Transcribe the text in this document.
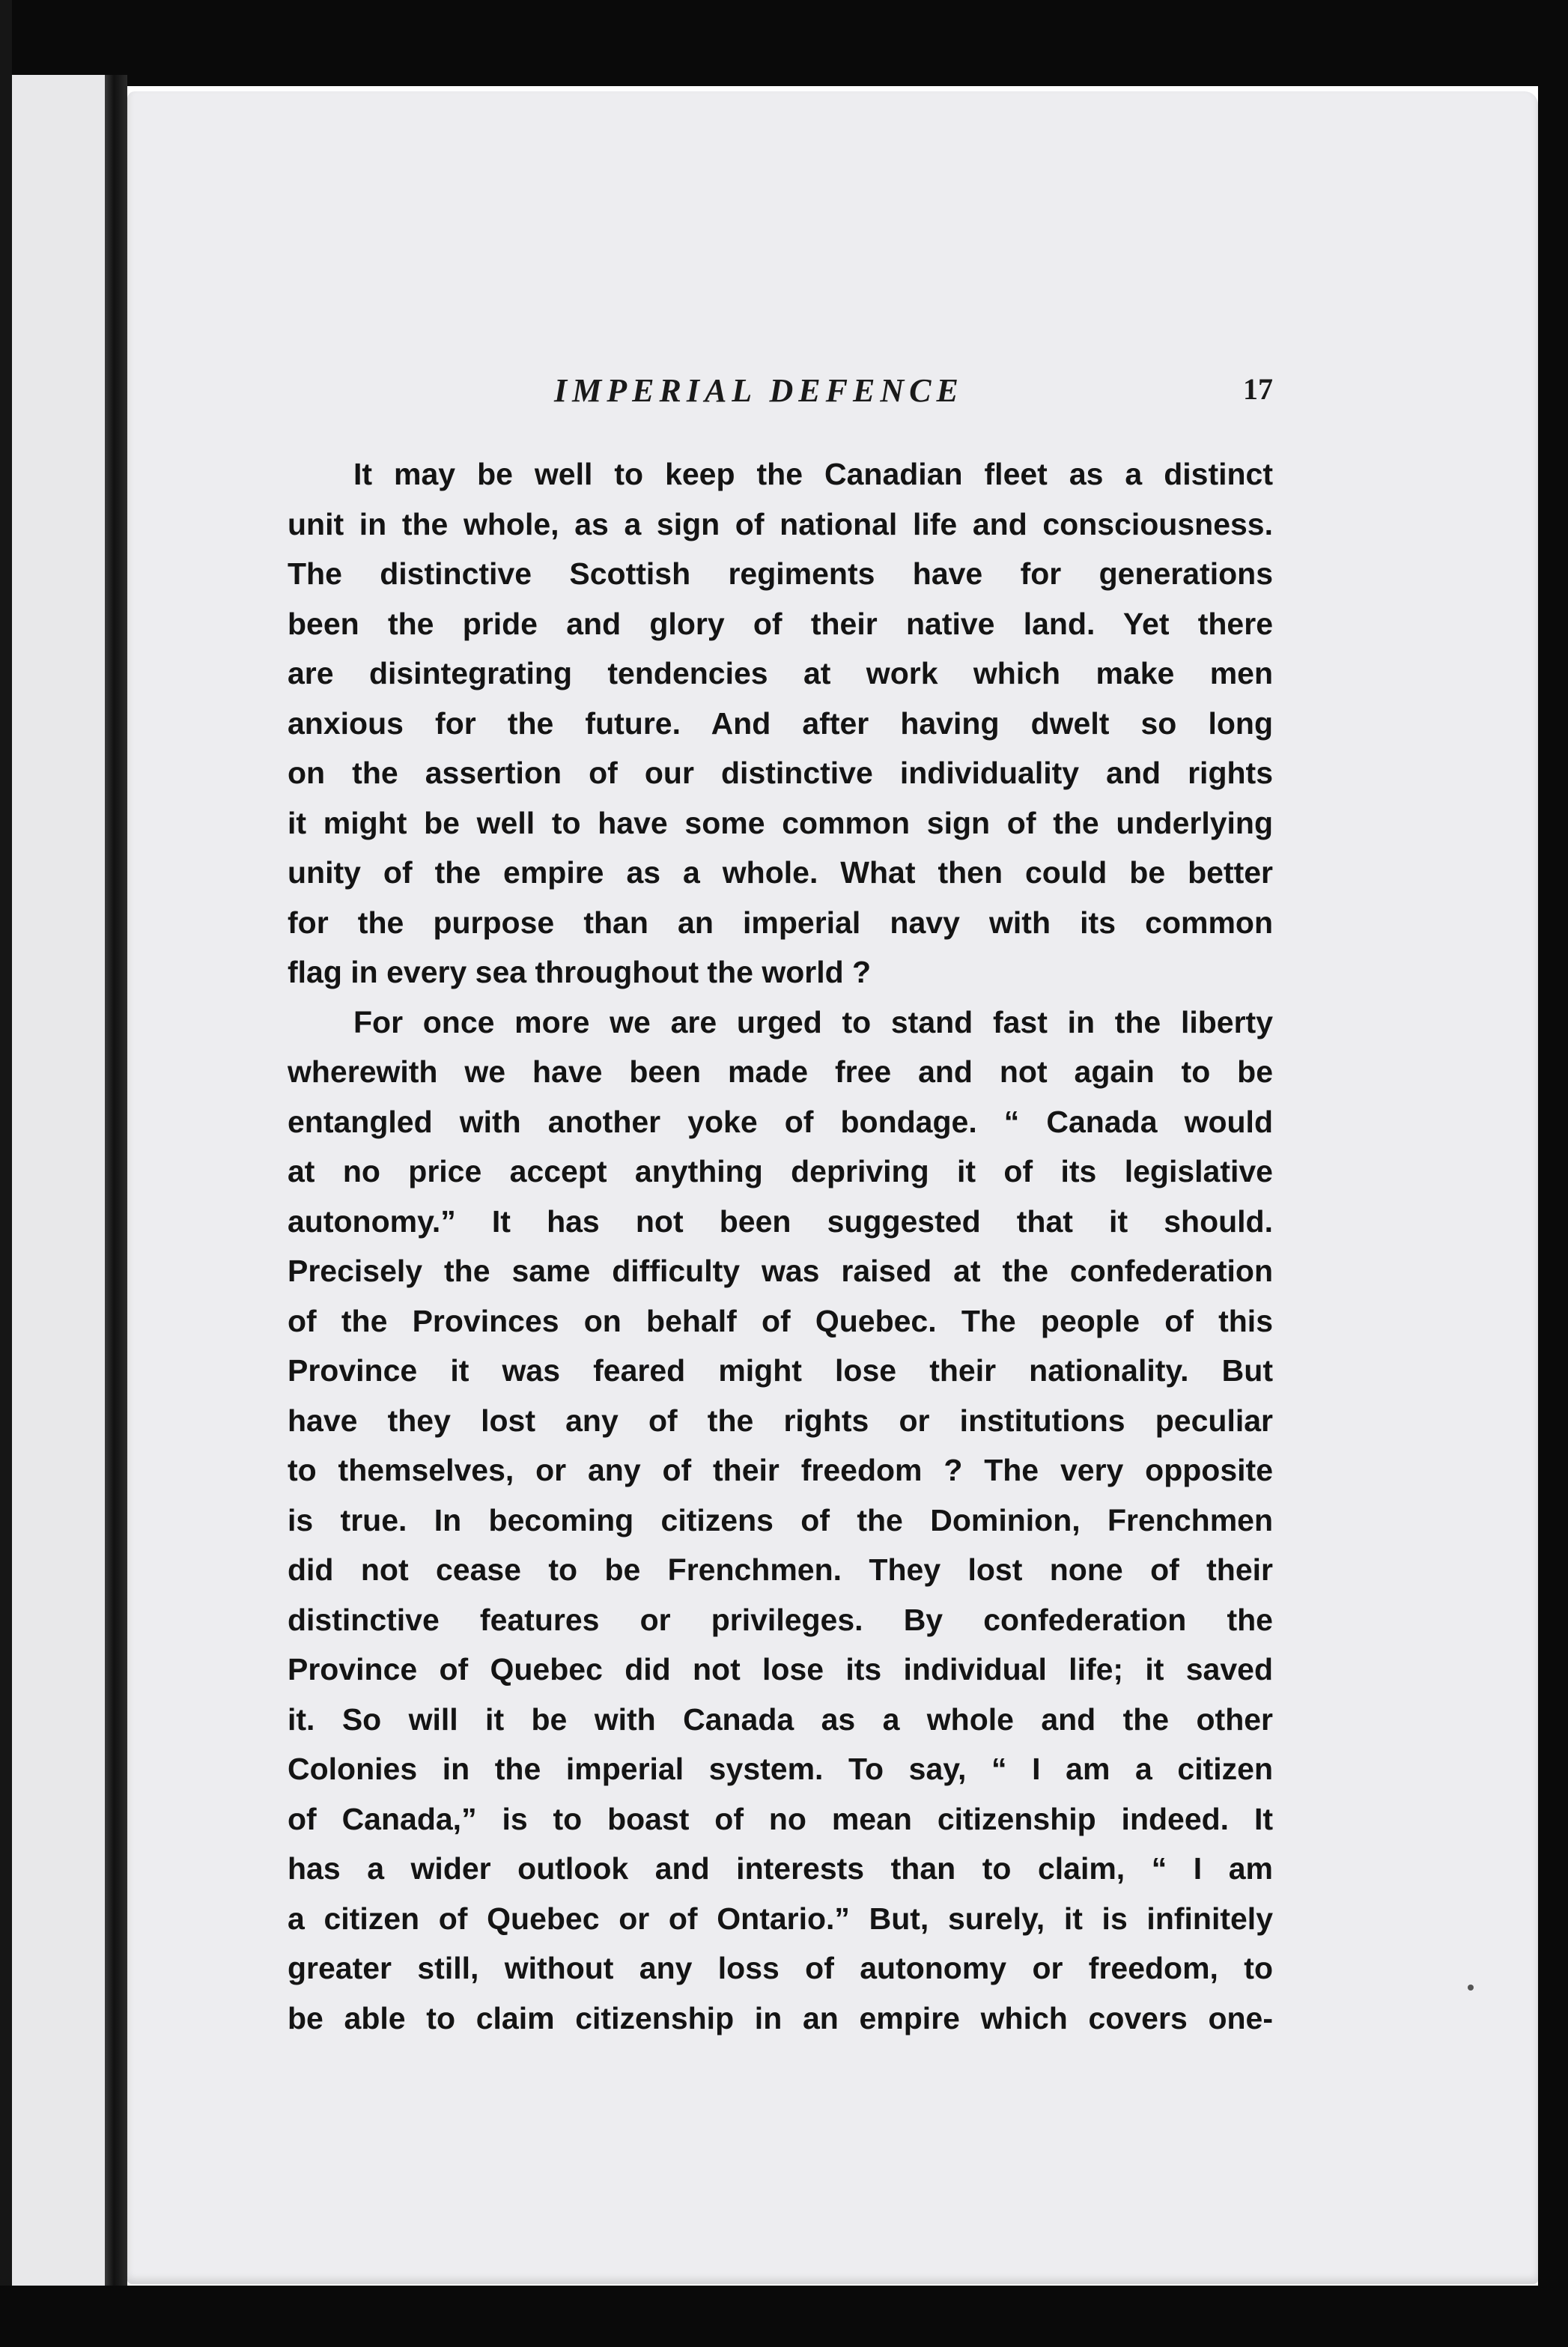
IMPERIAL DEFENCE	17
It may be well to keep the Canadian fleet as a distinct
unit in the whole, as a sign of national life and consciousness.
The distinctive Scottish regiments have for generations
been the pride and glory of their native land. Yet there
are disintegrating tendencies at work which make men
anxious for the future. And after having dwelt so long
on the assertion of our distinctive individuality and rights
it might be well to have some common sign of the underlying
unity of the empire as a whole. What then could be better
for the purpose than an imperial navy with its common
flag in every sea throughout the world ?
For once more we are urged to stand fast in the liberty
wherewith we have been made free and not again to be
entangled with another yoke of bondage. “ Canada would
at no price accept anything depriving it of its legislative
autonomy.” It has not been suggested that it should.
Precisely the same difficulty was raised at the confederation
of the Provinces on behalf of Quebec. The people of this
Province it was feared might lose their nationality. But
have they lost any of the rights or institutions peculiar
to themselves, or any of their freedom ? The very opposite
is true. In becoming citizens of the Dominion, Frenchmen
did not cease to be Frenchmen. They lost none of their
distinctive features or privileges. By confederation the
Province of Quebec did not lose its individual life; it saved
it. So will it be with Canada as a whole and the other
Colonies in the imperial system. To say, “ I am a citizen
of Canada,” is to boast of no mean citizenship indeed. It
has a wider outlook and interests than to claim, “ I am
a citizen of Quebec or of Ontario.” But, surely, it is infinitely
greater still, without any loss of autonomy or freedom, to
be able to claim citizenship in an empire which covers one-
